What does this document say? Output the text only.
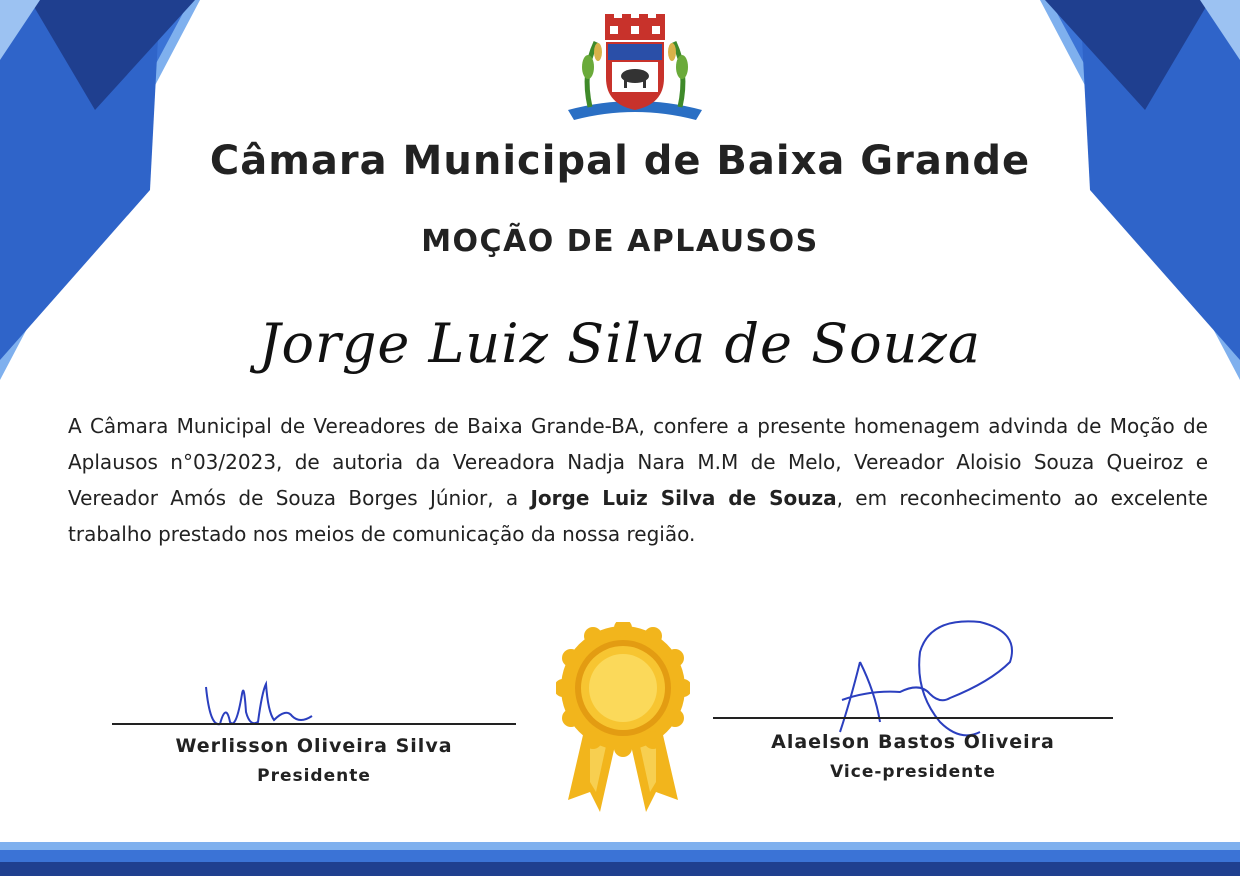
Câmara Municipal de Baixa Grande
MOÇÃO DE APLAUSOS
Jorge Luiz Silva de Souza
A Câmara Municipal de Vereadores de Baixa Grande-BA, confere a presente homenagem advinda de Moção de Aplausos n°03/2023, de autoria da Vereadora Nadja Nara M.M de Melo, Vereador Aloisio Souza Queiroz e Vereador Amós de Souza Borges Júnior, a Jorge Luiz Silva de Souza, em reconhecimento ao excelente trabalho prestado nos meios de comunicação da nossa região.
Werlisson Oliveira Silva
Presidente
Alaelson Bastos Oliveira
Vice-presidente
